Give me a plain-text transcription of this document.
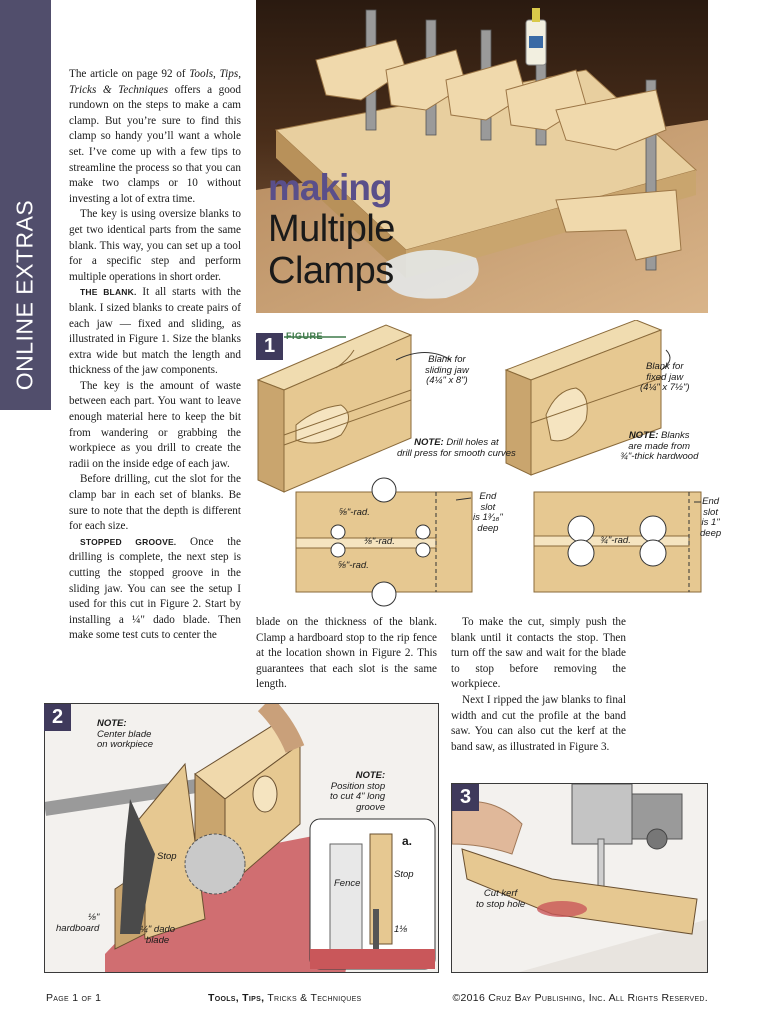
ONLINE EXTRAS
making
Multiple
Clamps

The article on page 92 of Tools, Tips, Tricks & Techniques offers a good rundown on the steps to make a cam clamp. But you’re sure to find this clamp so handy you’ll want a whole set. I’ve come up with a few tips to streamline the process so that you can make two clamps or 10 without investing a lot of extra time.

The key is using oversize blanks to get two identical parts from the same blank. This way, you can set up a tool for a specific step and perform multiple operations in short order.

THE BLANK. It all starts with the blank. I sized blanks to create pairs of each jaw — fixed and sliding, as illustrated in Figure 1. Size the blanks extra wide but match the length and thickness of the jaw components.

The key is the amount of waste between each part. You want to leave enough material here to keep the bit from wandering or grabbing the workpiece as you drill to create the radii on the inside edge of each jaw.

Before drilling, cut the slot for the clamp bar in each set of blanks. Be sure to note that the depth is different for each size.

STOPPED GROOVE. Once the drilling is complete, the next step is cutting the stopped groove in the sliding jaw. You can see the setup I used for this cut in Figure 2. Start by installing a ¼" dado blade. Then make some test cuts to center the

blade on the thickness of the blank. Clamp a hardboard stop to the rip fence at the location shown in Figure 2. This guarantees that each slot is the same length.

To make the cut, simply push the blank until it contacts the stop. Then turn off the saw and wait for the blade to stop before removing the workpiece.

Next I ripped the jaw blanks to final width and cut the profile at the band saw. You can also cut the kerf at the band saw, as illustrated in Figure 3.

1	FIGURE
Blank for
sliding jaw
(4¼" x 8")
Blank for
fixed jaw
(4¼" x 7½")
NOTE: Drill holes at
drill press for smooth curves
NOTE: Blanks
are made from
¾"-thick hardwood
⅝"-rad.
⅜"-rad.
⅝"-rad.
¾"-rad.
End
slot
is 1³⁄₁₆"
deep
End
slot
is 1"
deep
2	NOTE:
Center blade
on workpiece
NOTE:
Position stop
to cut 4" long
groove
Stop
⅛"
hardboard	¼" dado
blade
a.
Fence
Stop
1⅛
3
Cut kerf
to stop hole
Page 1 of 1	Tools, Tips, Tricks & Techniques	©2016 Cruz Bay Publishing, Inc. All Rights Reserved.
